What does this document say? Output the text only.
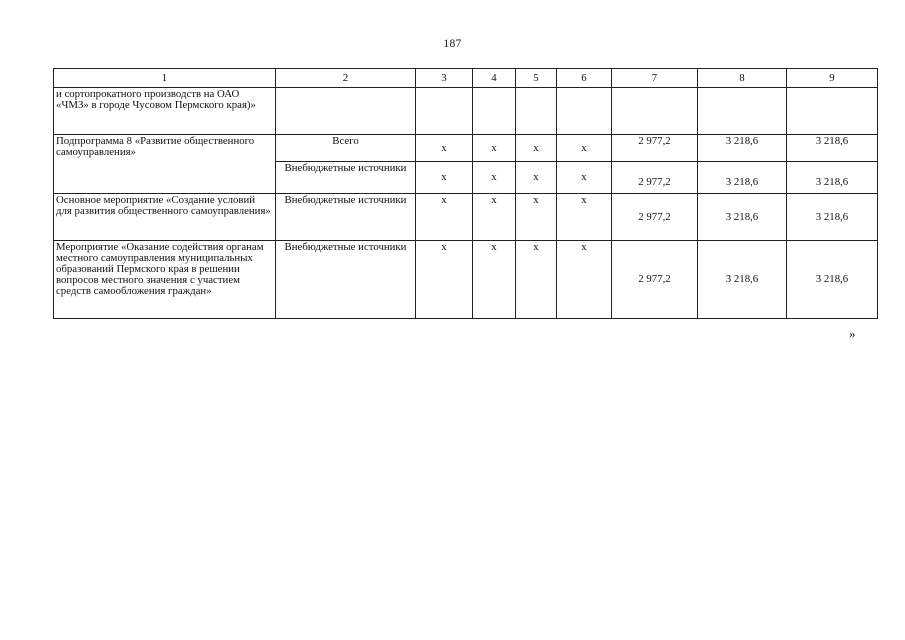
187
1	2	3	4	5	6	7	8	9
и сортопрокатного производств на ОАО «ЧМЗ» в городе Чусовом Пермского края)»								
Подпрограмма 8 «Развитие общественного самоуправления»	Всего	х	х	х	х	2 977,2	3 218,6	3 218,6
	Внебюджетные источники	х	х	х	х	2 977,2	3 218,6	3 218,6
Основное мероприятие «Создание условий для развития общественного самоуправления»	Внебюджетные источники	х	х	х	х	2 977,2	3 218,6	3 218,6
Мероприятие «Оказание содействия органам местного самоуправления муниципальных образований Пермского края в решении вопросов местного значения с участием средств самообложения граждан»	Внебюджетные источники	х	х	х	х	2 977,2	3 218,6	3 218,6
»
